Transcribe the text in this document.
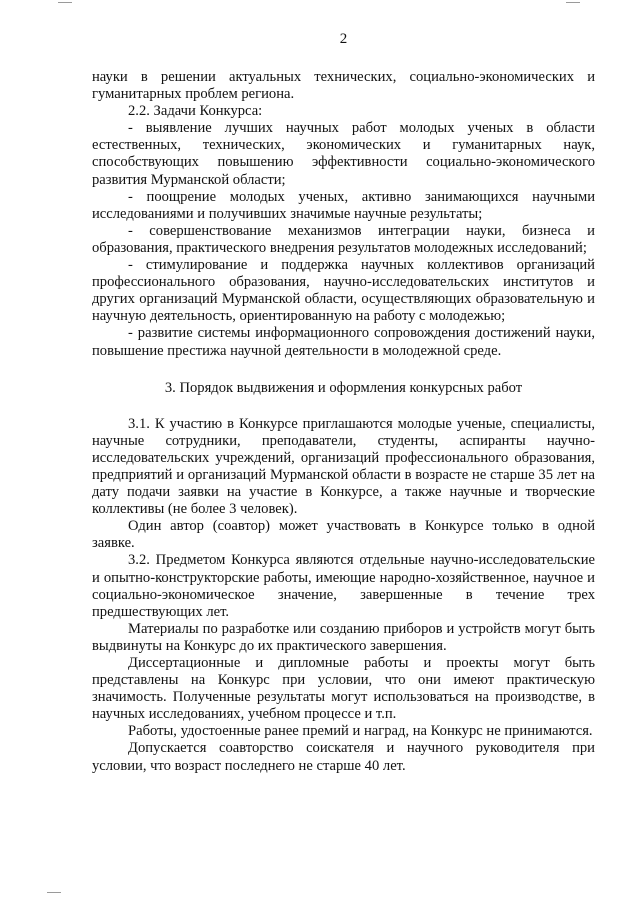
2

науки в решении актуальных технических, социально-экономических и гуманитарных проблем региона.

2.2. Задачи Конкурса:

- выявление лучших научных работ молодых ученых в области естественных, технических, экономических и гуманитарных наук, способствующих повышению эффективности социально-экономического развития Мурманской области;

- поощрение молодых ученых, активно занимающихся научными исследованиями и получивших значимые научные результаты;

- совершенствование механизмов интеграции науки, бизнеса и образования, практического внедрения результатов молодежных исследований;

- стимулирование и поддержка научных коллективов организаций профессионального образования, научно-исследовательских институтов и других организаций Мурманской области, осуществляющих образовательную и научную деятельность, ориентированную на работу с молодежью;

- развитие системы информационного сопровождения достижений науки, повышение престижа научной деятельности в молодежной среде.

3. Порядок выдвижения и оформления конкурсных работ

3.1. К участию в Конкурсе приглашаются молодые ученые, специалисты, научные сотрудники, преподаватели, студенты, аспиранты научно-исследовательских учреждений, организаций профессионального образования, предприятий и организаций Мурманской области в возрасте не старше 35 лет на дату подачи заявки на участие в Конкурсе, а также научные и творческие коллективы (не более 3 человек).

Один автор (соавтор) может участвовать в Конкурсе только в одной заявке.

3.2. Предметом Конкурса являются отдельные научно-исследовательские и опытно-конструкторские работы, имеющие народно-хозяйственное, научное и социально-экономическое значение, завершенные в течение трех предшествующих лет.

Материалы по разработке или созданию приборов и устройств могут быть выдвинуты на Конкурс до их практического завершения.

Диссертационные и дипломные работы и проекты могут быть представлены на Конкурс при условии, что они имеют практическую значимость. Полученные результаты могут использоваться на производстве, в научных исследованиях, учебном процессе и т.п.

Работы, удостоенные ранее премий и наград, на Конкурс не принимаются.

Допускается соавторство соискателя и научного руководителя при условии, что возраст последнего не старше 40 лет.
